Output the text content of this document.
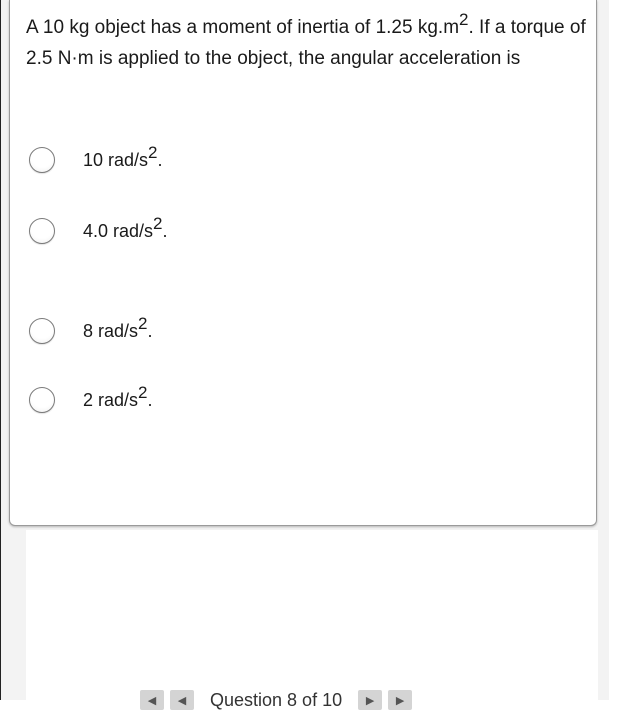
A 10 kg object has a moment of inertia of 1.25 $kg.m^2$. If a torque of 2.5 N·m is applied to the object, the angular acceleration is

10 rad/$s^2$.
4.0 rad/$s^2$.
8 rad/$s^2$.
2 rad/$s^2$.
◀	◀	Question 8 of 10	▶	▶
